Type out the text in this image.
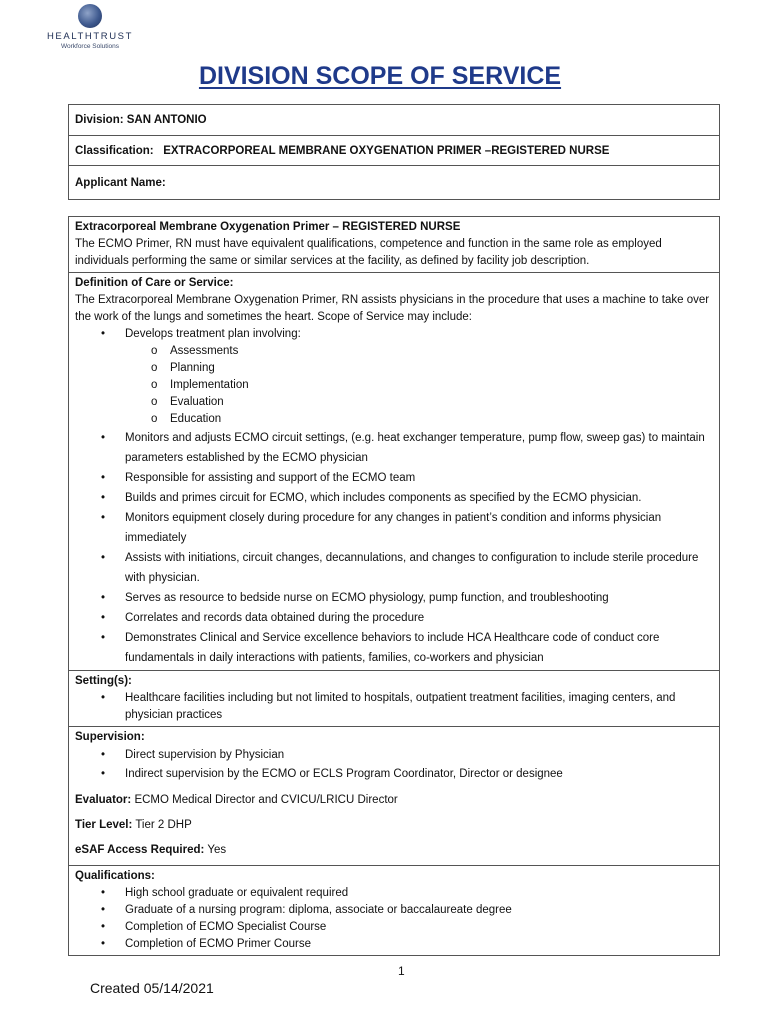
HEALTHTRUST
Workforce Solutions
DIVISION SCOPE OF SERVICE
Division:
SAN ANTONIO
Classification:
EXTRACORPOREAL MEMBRANE OXYGENATION PRIMER –REGISTERED NURSE
Applicant Name:
Extracorporeal Membrane Oxygenation Primer – REGISTERED NURSE
The ECMO Primer, RN must have equivalent qualifications, competence and function in the same role as employed individuals performing the same or similar services at the facility, as defined by facility job description.
Definition of Care or Service:
The Extracorporeal Membrane Oxygenation Primer, RN assists physicians in the procedure that uses a machine to take over the work of the lungs and sometimes the heart. Scope of Service may include:
• Develops treatment plan involving:
o Assessments
o Planning
o Implementation
o Evaluation
o Education
• Monitors and adjusts ECMO circuit settings, (e.g. heat exchanger temperature, pump flow, sweep gas) to maintain parameters established by the ECMO physician
• Responsible for assisting and support of the ECMO team
• Builds and primes circuit for ECMO, which includes components as specified by the ECMO physician.
• Monitors equipment closely during procedure for any changes in patient’s condition and informs physician immediately
• Assists with initiations, circuit changes, decannulations, and changes to configuration to include sterile procedure with physician.
• Serves as resource to bedside nurse on ECMO physiology, pump function, and troubleshooting
• Correlates and records data obtained during the procedure
• Demonstrates Clinical and Service excellence behaviors to include HCA Healthcare code of conduct core fundamentals in daily interactions with patients, families, co-workers and physician
Setting(s):
• Healthcare facilities including but not limited to hospitals, outpatient treatment facilities, imaging centers, and physician practices
Supervision:
• Direct supervision by Physician
• Indirect supervision by the ECMO or ECLS Program Coordinator, Director or designee
Evaluator: ECMO Medical Director and CVICU/LRICU Director
Tier Level: Tier 2 DHP
eSAF Access Required: Yes
Qualifications:
• High school graduate or equivalent required
• Graduate of a nursing program: diploma, associate or baccalaureate degree
• Completion of ECMO Specialist Course
• Completion of ECMO Primer Course
1
Created 05/14/2021
